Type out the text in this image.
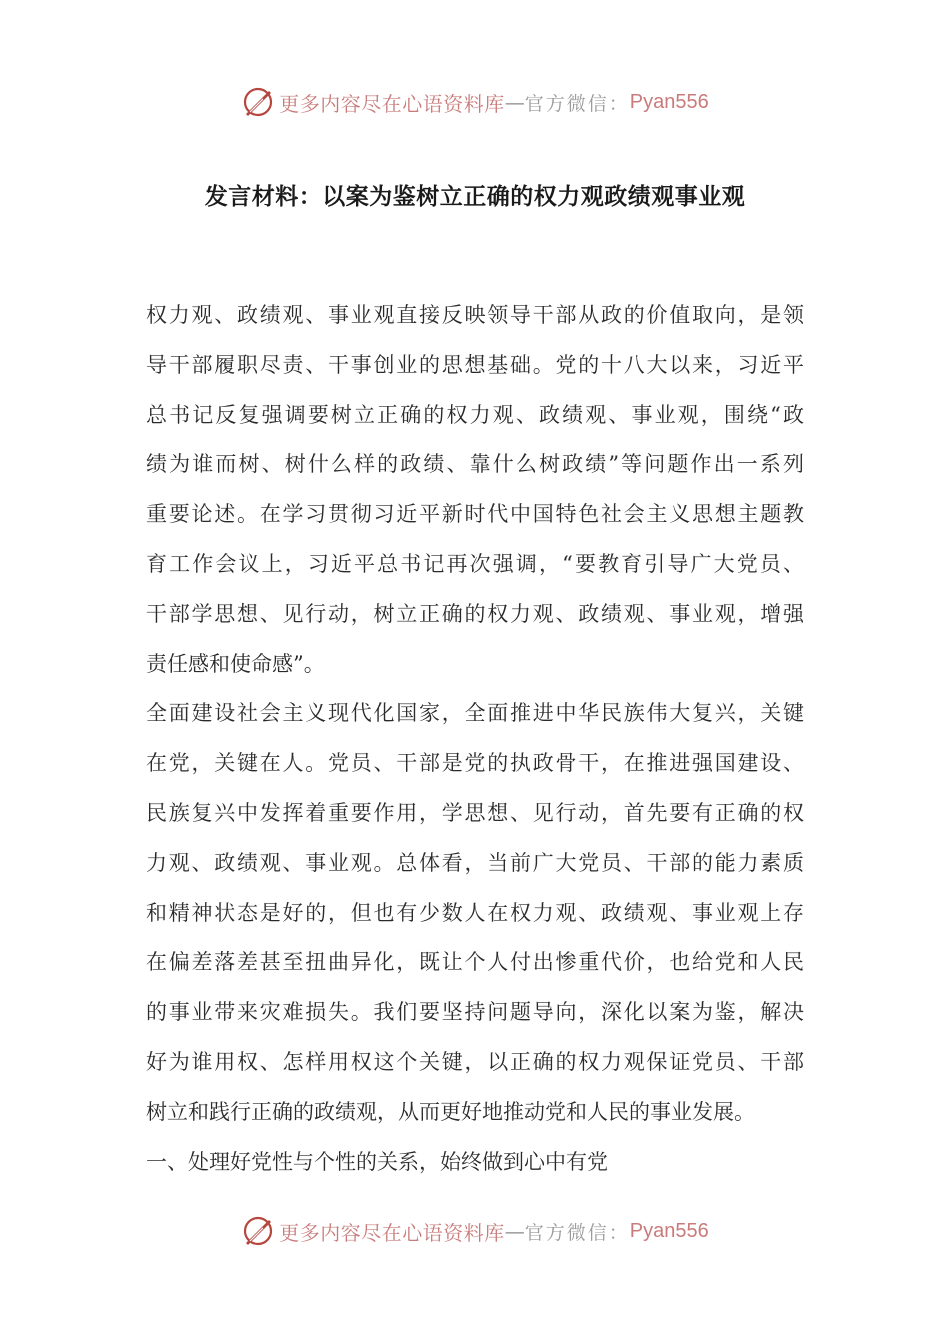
更多内容尽在心语资料库 — 官方微信： Pyan556
发言材料：以案为鉴树立正确的权力观政绩观事业观
权力观、政绩观、事业观直接反映领导干部从政的价值取向，是领
导干部履职尽责、干事创业的思想基础。党的十八大以来，习近平
总书记反复强调要树立正确的权力观、政绩观、事业观，围绕“政
绩为谁而树、树什么样的政绩、靠什么树政绩”等问题作出一系列
重要论述。在学习贯彻习近平新时代中国特色社会主义思想主题教
育工作会议上，习近平总书记再次强调，“要教育引导广大党员、
干部学思想、见行动，树立正确的权力观、政绩观、事业观，增强
责任感和使命感”。
全面建设社会主义现代化国家，全面推进中华民族伟大复兴，关键
在党，关键在人。党员、干部是党的执政骨干，在推进强国建设、
民族复兴中发挥着重要作用，学思想、见行动，首先要有正确的权
力观、政绩观、事业观。总体看，当前广大党员、干部的能力素质
和精神状态是好的，但也有少数人在权力观、政绩观、事业观上存
在偏差落差甚至扭曲异化，既让个人付出惨重代价，也给党和人民
的事业带来灾难损失。我们要坚持问题导向，深化以案为鉴，解决
好为谁用权、怎样用权这个关键，以正确的权力观保证党员、干部
树立和践行正确的政绩观，从而更好地推动党和人民的事业发展。
一、处理好党性与个性的关系，始终做到心中有党
更多内容尽在心语资料库 — 官方微信： Pyan556
